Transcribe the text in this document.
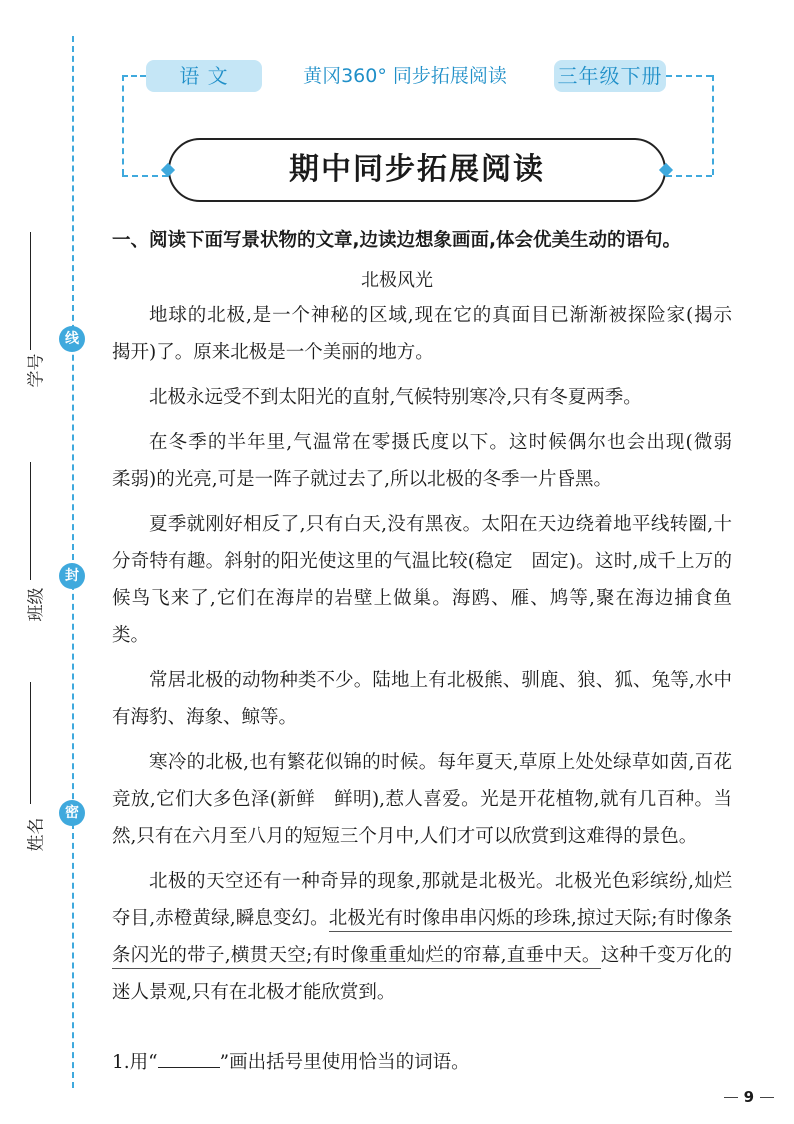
线
封
密
学号
班级
姓名
语 文	黄冈360° 同步拓展阅读	三年级下册
期中同步拓展阅读
一、阅读下面写景状物的文章,边读边想象画面,体会优美生动的语句。
北极风光

地球的北极,是一个神秘的区域,现在它的真面目已渐渐被探险家(揭示　揭开)了。原来北极是一个美丽的地方。

北极永远受不到太阳光的直射,气候特别寒冷,只有冬夏两季。

在冬季的半年里,气温常在零摄氏度以下。这时候偶尔也会出现(微弱　柔弱)的光亮,可是一阵子就过去了,所以北极的冬季一片昏黑。

夏季就刚好相反了,只有白天,没有黑夜。太阳在天边绕着地平线转圈,十分奇特有趣。斜射的阳光使这里的气温比较(稳定　固定)。这时,成千上万的候鸟飞来了,它们在海岸的岩壁上做巢。海鸥、雁、鸠等,聚在海边捕食鱼类。

常居北极的动物种类不少。陆地上有北极熊、驯鹿、狼、狐、兔等,水中有海豹、海象、鲸等。

寒冷的北极,也有繁花似锦的时候。每年夏天,草原上处处绿草如茵,百花竞放,它们大多色泽(新鲜　鲜明),惹人喜爱。光是开花植物,就有几百种。当然,只有在六月至八月的短短三个月中,人们才可以欣赏到这难得的景色。

北极的天空还有一种奇异的现象,那就是北极光。北极光色彩缤纷,灿烂夺目,赤橙黄绿,瞬息变幻。北极光有时像串串闪烁的珍珠,掠过天际;有时像条条闪光的带子,横贯天空;有时像重重灿烂的帘幕,直垂中天。这种千变万化的迷人景观,只有在北极才能欣赏到。

1.用“	”画出括号里使用恰当的词语。
9
